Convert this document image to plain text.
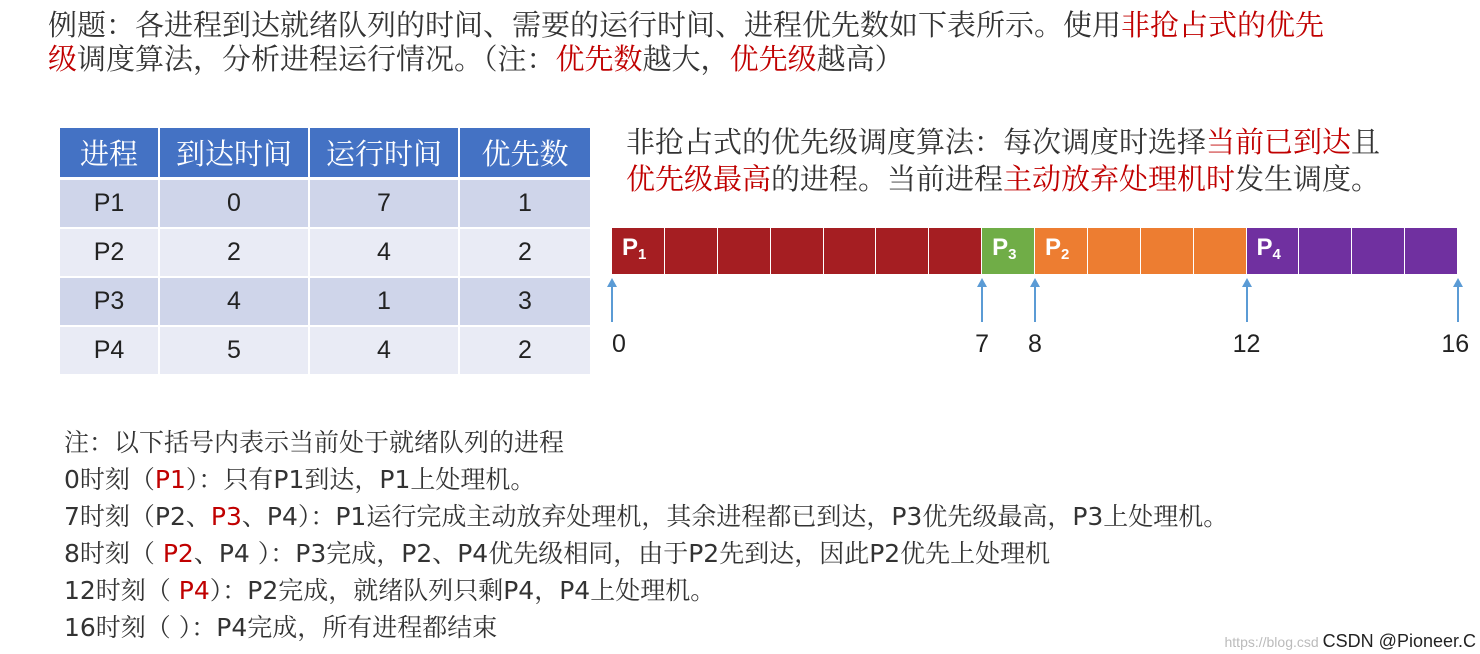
例题：各进程到达就绪队列的时间、需要的运行时间、进程优先数如下表所示。使用非抢占式的优先
级调度算法，分析进程运行情况。（注：优先数越大，优先级越高）
进程	到达时间	运行时间	优先数
P1	0	7	1
P2	2	4	2
P3	4	1	3
P4	5	4	2
非抢占式的优先级调度算法：每次调度时选择当前已到达且
优先级最高的进程。当前进程主动放弃处理机时发生调度。
$P_1$	$P_3$ $P_2$	$P_4$
注：以下括号内表示当前处于就绪队列的进程
0时刻（P1）：只有P1到达，P1上处理机。
7时刻（P2、P3、P4）：P1运行完成主动放弃处理机，其余进程都已到达，P3优先级最高，P3上处理机。
8时刻（ P2、P4 ）：P3完成，P2、P4优先级相同，由于P2先到达，因此P2优先上处理机
12时刻（ P4）：P2完成，就绪队列只剩P4，P4上处理机。
16时刻（ ）：P4完成，所有进程都结束	https://blog.csd CSDN @Pioneer.C
0	7 8	12	16
